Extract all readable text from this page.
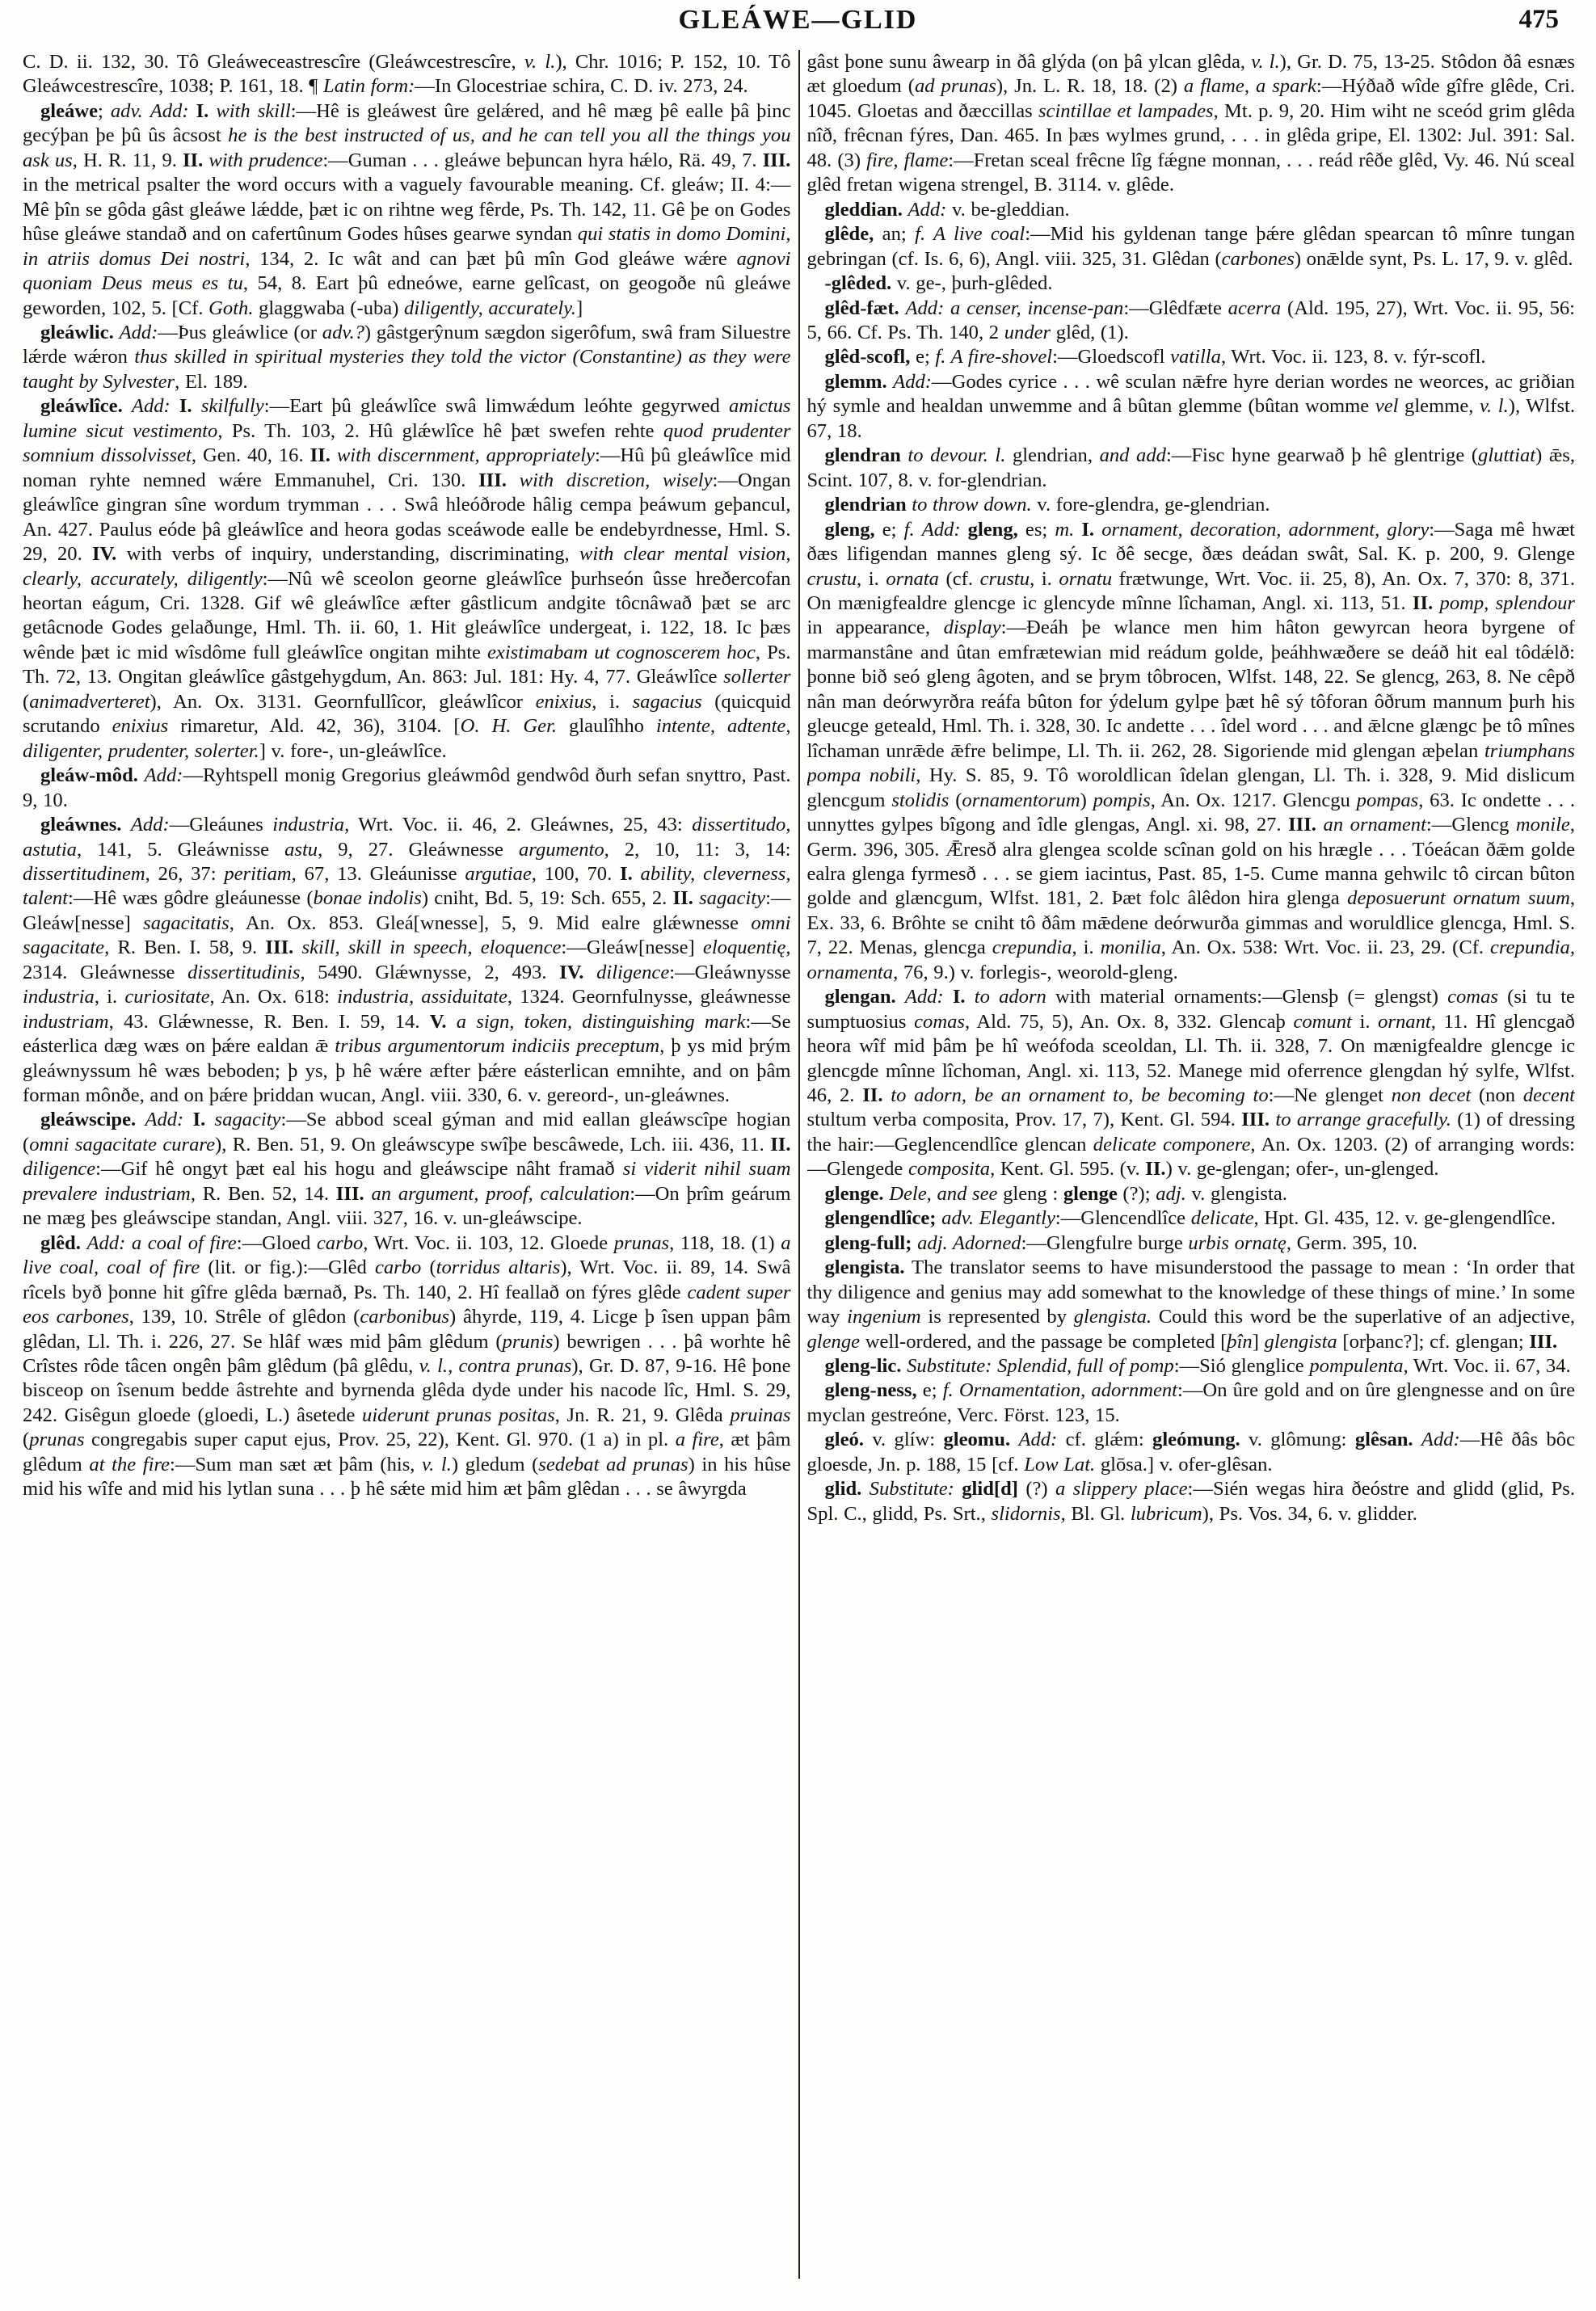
GLEÁWE—GLID	475

C. D. ii. 132, 30. Tô Gleáweceastrescîre (Gleáwcestrescîre, v. l.), Chr. 1016; P. 152, 10. Tô Gleáwcestrescîre, 1038; P. 161, 18. ¶ Latin form:—In Glocestriae schira, C. D. iv. 273, 24.

gleáwe; adv. Add: I. with skill:—Hê is gleáwest ûre gelǽred, and hê mæg þê ealle þâ þinc gecýþan þe þû ûs âcsost he is the best instructed of us, and he can tell you all the things you ask us, H. R. 11, 9. II. with prudence:—Guman . . . gleáwe beþuncan hyra hǽlo, Rä. 49, 7. III. in the metrical psalter the word occurs with a vaguely favourable meaning. Cf. gleáw; II. 4:—Mê þîn se gôda gâst gleáwe lǽdde, þæt ic on rihtne weg fêrde, Ps. Th. 142, 11. Gê þe on Godes hûse gleáwe standað and on cafertûnum Godes hûses gearwe syndan qui statis in domo Domini, in atriis domus Dei nostri, 134, 2. Ic wât and can þæt þû mîn God gleáwe wǽre agnovi quoniam Deus meus es tu, 54, 8. Eart þû edneówe, earne gelîcast, on geogoðe nû gleáwe geworden, 102, 5. [Cf. Goth. glaggwaba (-uba) diligently, accurately.]

gleáwlic. Add:—Þus gleáwlice (or adv.?) gâstgerŷnum sægdon sigerôfum, swâ fram Siluestre lǽrde wǽron thus skilled in spiritual mysteries they told the victor (Constantine) as they were taught by Sylvester, El. 189.

gleáwlîce. Add: I. skilfully:—Eart þû gleáwlîce swâ limwǽdum leóhte gegyrwed amictus lumine sicut vestimento, Ps. Th. 103, 2. Hû glǽwlîce hê þæt swefen rehte quod prudenter somnium dissolvisset, Gen. 40, 16. II. with discernment, appropriately:—Hû þû gleáwlîce mid noman ryhte nemned wǽre Emmanuhel, Cri. 130. III. with discretion, wisely:—Ongan gleáwlîce gingran sîne wordum trymman . . . Swâ hleóðrode hâlig cempa þeáwum geþancul, An. 427. Paulus eóde þâ gleáwlîce and heora godas sceáwode ealle be endebyrdnesse, Hml. S. 29, 20. IV. with verbs of inquiry, understanding, discriminating, with clear mental vision, clearly, accurately, diligently:—Nû wê sceolon georne gleáwlîce þurhseón ûsse hreðercofan heortan eágum, Cri. 1328. Gif wê gleáwlîce æfter gâstlicum andgite tôcnâwað þæt se arc getâcnode Godes gelaðunge, Hml. Th. ii. 60, 1. Hit gleáwlîce undergeat, i. 122, 18. Ic þæs wênde þæt ic mid wîsdôme full gleáwlîce ongitan mihte existimabam ut cognoscerem hoc, Ps. Th. 72, 13. Ongitan gleáwlîce gâstgehygdum, An. 863: Jul. 181: Hy. 4, 77. Gleáwlîce sollerter (animadverteret), An. Ox. 3131. Geornfullîcor, gleáwlîcor enixius, i. sagacius (quicquid scrutando enixius rimaretur, Ald. 42, 36), 3104. [O. H. Ger. glaulîhho intente, adtente, diligenter, prudenter, solerter.] v. fore-, un-gleáwlîce.

gleáw-môd. Add:—Ryhtspell monig Gregorius gleáwmôd gendwôd ðurh sefan snyttro, Past. 9, 10.

gleáwnes. Add:—Gleáunes industria, Wrt. Voc. ii. 46, 2. Gleáwnes, 25, 43: dissertitudo, astutia, 141, 5. Gleáwnisse astu, 9, 27. Gleáwnesse argumento, 2, 10, 11: 3, 14: dissertitudinem, 26, 37: peritiam, 67, 13. Gleáunisse argutiae, 100, 70. I. ability, cleverness, talent:—Hê wæs gôdre gleáunesse (bonae indolis) cniht, Bd. 5, 19: Sch. 655, 2. II. sagacity:—Gleáw[nesse] sagacitatis, An. Ox. 853. Gleá[wnesse], 5, 9. Mid ealre glǽwnesse omni sagacitate, R. Ben. I. 58, 9. III. skill, skill in speech, eloquence:—Gleáw[nesse] eloquentię, 2314. Gleáwnesse dissertitudinis, 5490. Glǽwnysse, 2, 493. IV. diligence:—Gleáwnysse industria, i. curiositate, An. Ox. 618: industria, assiduitate, 1324. Geornfulnysse, gleáwnesse industriam, 43. Glǽwnesse, R. Ben. I. 59, 14. V. a sign, token, distinguishing mark:—Se eásterlica dæg wæs on þǽre ealdan ǣ tribus argumentorum indiciis preceptum, þ ys mid þrým gleáwnyssum hê wæs beboden; þ ys, þ hê wǽre æfter þǽre eásterlican emnihte, and on þâm forman mônðe, and on þǽre þriddan wucan, Angl. viii. 330, 6. v. gereord-, un-gleáwnes.

gleáwscipe. Add: I. sagacity:—Se abbod sceal gýman and mid eallan gleáwscîpe hogian (omni sagacitate curare), R. Ben. 51, 9. On gleáwscype swîþe bescâwede, Lch. iii. 436, 11. II. diligence:—Gif hê ongyt þæt eal his hogu and gleáwscipe nâht framað si viderit nihil suam prevalere industriam, R. Ben. 52, 14. III. an argument, proof, calculation:—On þrîm geárum ne mæg þes gleáwscipe standan, Angl. viii. 327, 16. v. un-gleáwscipe.

glêd. Add: a coal of fire:—Gloed carbo, Wrt. Voc. ii. 103, 12. Gloede prunas, 118, 18. (1) a live coal, coal of fire (lit. or fig.):—Glêd carbo (torridus altaris), Wrt. Voc. ii. 89, 14. Swâ rîcels byð þonne hit gîfre glêda bærnað, Ps. Th. 140, 2. Hî feallað on fýres glêde cadent super eos carbones, 139, 10. Strêle of glêdon (carbonibus) âhyrde, 119, 4. Licge þ îsen uppan þâm glêdan, Ll. Th. i. 226, 27. Se hlâf wæs mid þâm glêdum (prunis) bewrigen . . . þâ worhte hê Crîstes rôde tâcen ongên þâm glêdum (þâ glêdu, v. l., contra prunas), Gr. D. 87, 9-16. Hê þone bisceop on îsenum bedde âstrehte and byrnenda glêda dyde under his nacode lîc, Hml. S. 29, 242. Gisêgun gloede (gloedi, L.) âsetede uiderunt prunas positas, Jn. R. 21, 9. Glêda pruinas (prunas congregabis super caput ejus, Prov. 25, 22), Kent. Gl. 970. (1 a) in pl. a fire, æt þâm glêdum at the fire:—Sum man sæt æt þâm (his, v. l.) gledum (sedebat ad prunas) in his hûse mid his wîfe and mid his lytlan suna . . . þ hê sǽte mid him æt þâm glêdan . . . se âwyrgda

gâst þone sunu âwearp in ðâ glýda (on þâ ylcan glêda, v. l.), Gr. D. 75, 13-25. Stôdon ðâ esnæs æt gloedum (ad prunas), Jn. L. R. 18, 18. (2) a flame, a spark:—Hýðað wîde gîfre glêde, Cri. 1045. Gloetas and ðæccillas scintillae et lampades, Mt. p. 9, 20. Him wiht ne sceód grim glêda nîð, frêcnan fýres, Dan. 465. In þæs wylmes grund, . . . in glêda gripe, El. 1302: Jul. 391: Sal. 48. (3) fire, flame:—Fretan sceal frêcne lîg fǽgne monnan, . . . reád rêðe glêd, Vy. 46. Nú sceal glêd fretan wigena strengel, B. 3114. v. glêde.

gleddian. Add: v. be-gleddian.

glêde, an; f. A live coal:—Mid his gyldenan tange þǽre glêdan spearcan tô mînre tungan gebringan (cf. Is. 6, 6), Angl. viii. 325, 31. Glêdan (carbones) onǣlde synt, Ps. L. 17, 9. v. glêd.

-glêded. v. ge-, þurh-glêded.

glêd-fæt. Add: a censer, incense-pan:—Glêdfæte acerra (Ald. 195, 27), Wrt. Voc. ii. 95, 56: 5, 66. Cf. Ps. Th. 140, 2 under glêd, (1).

glêd-scofl, e; f. A fire-shovel:—Gloedscofl vatilla, Wrt. Voc. ii. 123, 8. v. fýr-scofl.

glemm. Add:—Godes cyrice . . . wê sculan nǣfre hyre derian wordes ne weorces, ac griðian hý symle and healdan unwemme and â bûtan glemme (bûtan womme vel glemme, v. l.), Wlfst. 67, 18.

glendran to devour. l. glendrian, and add:—Fisc hyne gearwað þ hê glentrige (gluttiat) ǣs, Scint. 107, 8. v. for-glendrian.

glendrian to throw down. v. fore-glendra, ge-glendrian.

gleng, e; f. Add: gleng, es; m. I. ornament, decoration, adornment, glory:—Saga mê hwæt ðæs lifigendan mannes gleng sý. Ic ðê secge, ðæs deádan swât, Sal. K. p. 200, 9. Glenge crustu, i. ornata (cf. crustu, i. ornatu frætwunge, Wrt. Voc. ii. 25, 8), An. Ox. 7, 370: 8, 371. On mænigfealdre glencge ic glencyde mînne lîchaman, Angl. xi. 113, 51. II. pomp, splendour in appearance, display:—Ðeáh þe wlance men him hâton gewyrcan heora byrgene of marmanstâne and ûtan emfrætewian mid reádum golde, þeáhhwæðere se deáð hit eal tôdǽlð: þonne bið seó gleng âgoten, and se þrym tôbrocen, Wlfst. 148, 22. Se glencg, 263, 8. Ne cêpð nân man deórwyrðra reáfa bûton for ýdelum gylpe þæt hê sý tôforan ôðrum mannum þurh his gleucge geteald, Hml. Th. i. 328, 30. Ic andette . . . îdel word . . . and ǣlcne glængc þe tô mînes lîchaman unrǣde ǣfre belimpe, Ll. Th. ii. 262, 28. Sigoriende mid glengan æþelan triumphans pompa nobili, Hy. S. 85, 9. Tô woroldlican îdelan glengan, Ll. Th. i. 328, 9. Mid dislicum glencgum stolidis (ornamentorum) pompis, An. Ox. 1217. Glencgu pompas, 63. Ic ondette . . . unnyttes gylpes bîgong and îdle glengas, Angl. xi. 98, 27. III. an ornament:—Glencg monile, Germ. 396, 305. Ǣresð alra glengea scolde scînan gold on his hrægle . . . Tóeácan ðǣm golde ealra glenga fyrmesð . . . se giem iacintus, Past. 85, 1-5. Cume manna gehwilc tô circan bûton golde and glæncgum, Wlfst. 181, 2. Þæt folc âlêdon hira glenga deposuerunt ornatum suum, Ex. 33, 6. Brôhte se cniht tô ðâm mǣdene deórwurða gimmas and woruldlice glencga, Hml. S. 7, 22. Menas, glencga crepundia, i. monilia, An. Ox. 538: Wrt. Voc. ii. 23, 29. (Cf. crepundia, ornamenta, 76, 9.) v. forlegis-, weorold-gleng.

glengan. Add: I. to adorn with material ornaments:—Glensþ (= glengst) comas (si tu te sumptuosius comas, Ald. 75, 5), An. Ox. 8, 332. Glencaþ comunt i. ornant, 11. Hî glencgað heora wîf mid þâm þe hî weófoda sceoldan, Ll. Th. ii. 328, 7. On mænigfealdre glencge ic glencgde mînne lîchoman, Angl. xi. 113, 52. Manege mid oferrence glengdan hý sylfe, Wlfst. 46, 2. II. to adorn, be an ornament to, be becoming to:—Ne glenget non decet (non decent stultum verba composita, Prov. 17, 7), Kent. Gl. 594. III. to arrange gracefully. (1) of dressing the hair:—Geglencendlîce glencan delicate componere, An. Ox. 1203. (2) of arranging words:—Glengede composita, Kent. Gl. 595. (v. II.) v. ge-glengan; ofer-, un-glenged.

glenge. Dele, and see gleng : glenge (?); adj. v. glengista.

glengendlîce; adv. Elegantly:—Glencendlîce delicate, Hpt. Gl. 435, 12. v. ge-glengendlîce.

gleng-full; adj. Adorned:—Glengfulre burge urbis ornatę, Germ. 395, 10.

glengista. The translator seems to have misunderstood the passage to mean : ‘In order that thy diligence and genius may add somewhat to the knowledge of these things of mine.’ In some way ingenium is represented by glengista. Could this word be the superlative of an adjective, glenge well-ordered, and the passage be completed [þîn] glengista [orþanc?]; cf. glengan; III.

gleng-lic. Substitute: Splendid, full of pomp:—Sió glenglice pompulenta, Wrt. Voc. ii. 67, 34.

gleng-ness, e; f. Ornamentation, adornment:—On ûre gold and on ûre glengnesse and on ûre myclan gestreóne, Verc. Först. 123, 15.

gleó. v. glíw: gleomu. Add: cf. glǽm: gleómung. v. glômung: glêsan. Add:—Hê ðâs bôc gloesde, Jn. p. 188, 15 [cf. Low Lat. glōsa.] v. ofer-glêsan.

glid. Substitute: glid[d] (?) a slippery place:—Sién wegas hira ðeóstre and glidd (glid, Ps. Spl. C., glidd, Ps. Srt., slidornis, Bl. Gl. lubricum), Ps. Vos. 34, 6. v. glidder.
